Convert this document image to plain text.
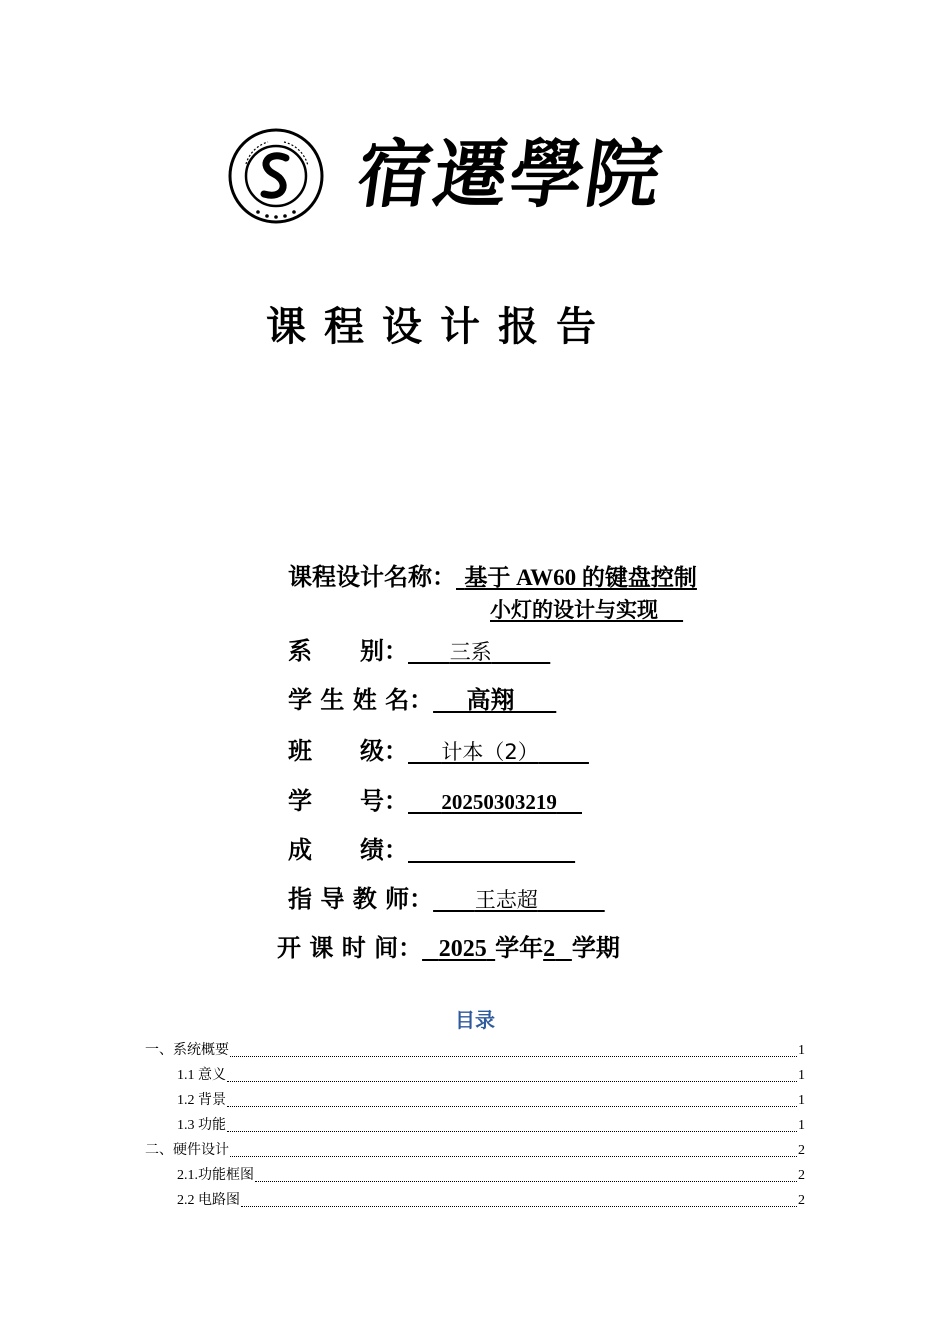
宿遷學院
课程设计报告
课程设计名称： 基于 AW60 的键盘控制
小灯的设计与实现
系　　别： 三系
学 生 姓 名： 高翔
班　　级： 计本（2）
学　　号： 20250303219
成　　绩：
指 导 教 师： 王志超
开 课 时 间： 2025 学年2 学期
目录
一、系统概要	1
1.1 意义	1
1.2 背景	1
1.3 功能	1
二、硬件设计	2
2.1.功能框图	2
2.2 电路图	2
